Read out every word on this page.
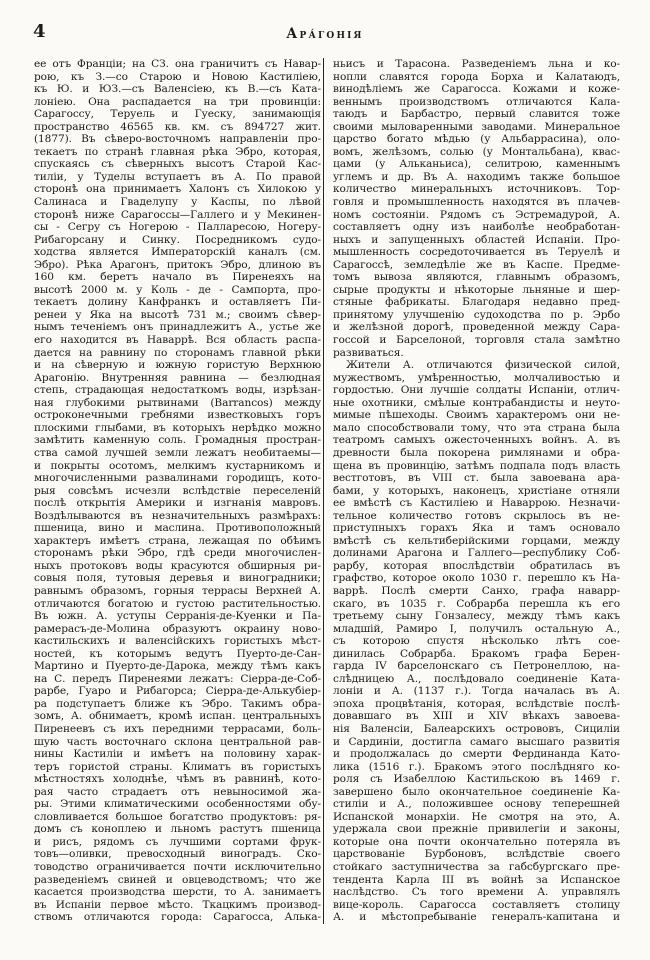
4	Ара́гонія
ее отъ Франціи; на СЗ. она граничитъ съ Навар-
рою, къ З.—со Старою и Новою Кастиліею,
къ Ю. и ЮЗ.—съ Валенсіею, къ В.—съ Ката-
лоніею. Она распадается на три провинціи:
Сарагоссу, Теруель и Гуеску, занимающія
пространство 46565 кв. км. съ 894727 жит.
(1877). Въ сѣверо-восточномъ направленіи про-
текаетъ по странѣ главная рѣка Эбро, которая,
спускаясь съ сѣверныхъ высотъ Старой Кас-
тиліи, у Туделы вступаетъ въ А. По правой
сторонѣ она принимаетъ Халонъ съ Хилокою у
Салинаса и Гваделупу у Каспы, по лѣвой
сторонѣ ниже Сарагоссы—Галлего и у Мекинен-
сы - Сегру съ Ногерою - Палларесою, Ногеру-
Рибагорсану и Синку. Посредникомъ судо-
ходства является Императорскій каналъ (см.
Эбро). Рѣка Арагонъ, притокъ Эбро, длиною въ
160 км. беретъ начало въ Пиренеяхъ на
высотѣ 2000 м. у Коль - де - Сампорта, про-
текаетъ долину Канфранкъ и оставляетъ Пи-
ренеи у Яка на высотѣ 731 м.; своимъ сѣвер-
нымъ теченіемъ онъ принадлежитъ А., устье же
его находится въ Наваррѣ. Вся область распа-
дается на равнину по сторонамъ главной рѣки
и на сѣверную и южную гористую Верхнюю
Арагонію. Внутренняя равнина — безлюдная
степь, страдающая недостаткомъ воды, изрѣзан-
ная глубокими рытвинами (Barrancos) между
остроконечными гребнями известковыхъ горъ
плоскими глыбами, въ которыхъ нерѣдко можно
замѣтить каменную соль. Громадныя простран-
ства самой лучшей земли лежатъ необитаемы—
и покрыты осотомъ, мелкимъ кустарникомъ и
многочисленными развалинами городищъ, кото-
рыя совсѣмъ исчезли вслѣдствіе переселеній
послѣ открытія Америки и изгнанія мавровъ.
Воздѣлываются въ незначительныхъ размѣрахъ:
пшеница, вино и маслина. Противоположный
характеръ имѣетъ страна, лежащая по обѣимъ
сторонамъ рѣки Эбро, гдѣ среди многочислен-
ныхъ протоковъ воды красуются обширныя ри-
совыя поля, тутовыя деревья и виноградники;
равнымъ образомъ, горныя террасы Верхней А.
отличаются богатою и густою растительностью.
Въ южн. А. уступы Серранія-де-Куенки и Па-
рамерасъ-де-Молина образуютъ окраину ново-
кастильскихъ и валенсійскихъ гористыхъ мѣст-
ностей, къ которымъ ведутъ Пуерто-де-Сан-
Мартино и Пуерто-де-Дарока, между тѣмъ какъ
на С. передъ Пиренеями лежатъ: Сіерра-де-Соб-
рарбе, Гуаро и Рибагорса; Сіерра-де-Алькубіер-
ра подступаетъ ближе къ Эбро. Такимъ обра-
зомъ, А. обнимаетъ, кромѣ испан. центральныхъ
Пиренеевъ съ ихъ передними террасами, боль-
шую часть восточнаго склона центральной рав-
нины Кастиліи и имѣетъ на половину харак-
теръ гористой страны. Климатъ въ гористыхъ
мѣстностяхъ холоднѣе, чѣмъ въ равнинѣ, кото-
рая часто страдаетъ отъ невыносимой жа-
ры. Этими климатическими особенностями обу-
словливается большое богатство продуктовъ: ря-
домъ съ коноплею и льномъ растутъ пшеница
и рисъ, рядомъ съ лучшими сортами фрук-
товъ—оливки, превосходный виноградъ. Ско-
товодство ограничивается почти исключительно
разведеніемъ свиней и овцеводствомъ; что же
касается производства шерсти, то А. занимаетъ
въ Испаніи первое мѣсто. Ткацкимъ производ-
ствомъ отличаются города: Сарагосса, Алька-
ньисъ и Тарасона. Разведеніемъ льна и ко-
нопли славятся города Борха и Калатаюдъ,
винодѣліемъ же Сарагосса. Кожами и коже-
веннымъ производствомъ отличаются Кала-
таюдъ и Барбастро, первый славится тоже
своими мыловаренными заводами. Минеральное
царство богато мѣдью (у Альбаррасина), оло-
вомъ, желѣзомъ, солью (у Монтальбана), квас-
цами (у Альканьиса), селитрою, каменнымъ
углемъ и др. Въ А. находимъ также большое
количество минеральныхъ источниковъ. Тор-
говля и промышленность находятся въ плачев-
номъ состояніи. Рядомъ съ Эстремадурой, А.
составляетъ одну изъ наиболѣе необработан-
ныхъ и запущенныхъ областей Испаніи. Про-
мышленность сосредоточивается въ Теруелѣ и
Сарагоссѣ, земледѣліе же въ Каспе. Предме-
томъ вывоза являются, главнымъ образомъ,
сырые продукты и нѣкоторые льняные и шер-
стяные фабрикаты. Благодаря недавно пред-
принятому улучшенію судоходства по р. Эрбо
и желѣзной дорогѣ, проведенной между Сара-
госсой и Барселоной, торговля стала замѣтно
развиваться.
Жители А. отличаются физической силой,
мужествомъ, умѣренностью, молчаливостью и
гордостью. Они лучшіе солдаты Испаніи, отлич-
ные охотники, смѣлые контрабандисты и неуто-
мимые пѣшеходы. Своимъ характеромъ они не-
мало способствовали тому, что эта страна была
театромъ самыхъ ожесточенныхъ войнъ. А. въ
древности была покорена римлянами и обра-
щена въ провинцію, затѣмъ подпала подъ власть
вестготовъ, въ VIII ст. была завоевана ара-
бами, у которыхъ, наконецъ, христіане отняли
ее вмѣстѣ съ Кастиліею и Наваррою. Незначи-
тельное количество готовъ скрылось въ не-
приступныхъ горахъ Яка и тамъ основало
вмѣстѣ съ кельтиберійскими горцами, между
долинами Арагона и Галлего—республику Соб-
рарбу, которая впослѣдствіи обратилась въ
графство, которое около 1030 г. перешло къ На-
варрѣ. Послѣ смерти Санхо, графа наварр-
скаго, въ 1035 г. Собрарба перешла къ его
третьему сыну Гонзалесу, между тѣмъ какъ
младшій, Рамиро I, получилъ остальную А.,
съ которою спустя нѣсколько лѣтъ сое-
динилась Собрарба. Бракомъ графа Берен-
гарда IV барселонскаго съ Петронеллою, на-
слѣдницею А., послѣдовало соединеніе Ката-
лоніи и А. (1137 г.). Тогда началась въ А.
эпоха процвѣтанія, которая, вслѣдствіе послѣ-
довавшаго въ XIII и XIV вѣкахъ завоева-
нія Валенсіи, Балеарскихъ острововъ, Сициліи
и Сардиніи, достигла самаго высшаго развитія
и продолжалась до смерти Фердинанда Като-
лика (1516 г.). Бракомъ этого послѣдняго ко-
роля съ Изабеллою Кастильскою въ 1469 г.
завершено было окончательное соединеніе Ка-
стиліи и А., положившее основу теперешней
Испанской монархіи. Не смотря на это, А.
удержала свои прежніе привилегіи и законы,
которые она почти окончательно потеряла въ
царствованіе Бурбоновъ, вслѣдствіе своего
стойкаго заступничества за габсбургскаго пре-
тендента Карла III въ войнѣ за Испанское
наслѣдство. Съ того времени А. управлялъ
вице-король. Сарагосса составляетъ столицу
А. и мѣстопребываніе генералъ-капитана и
